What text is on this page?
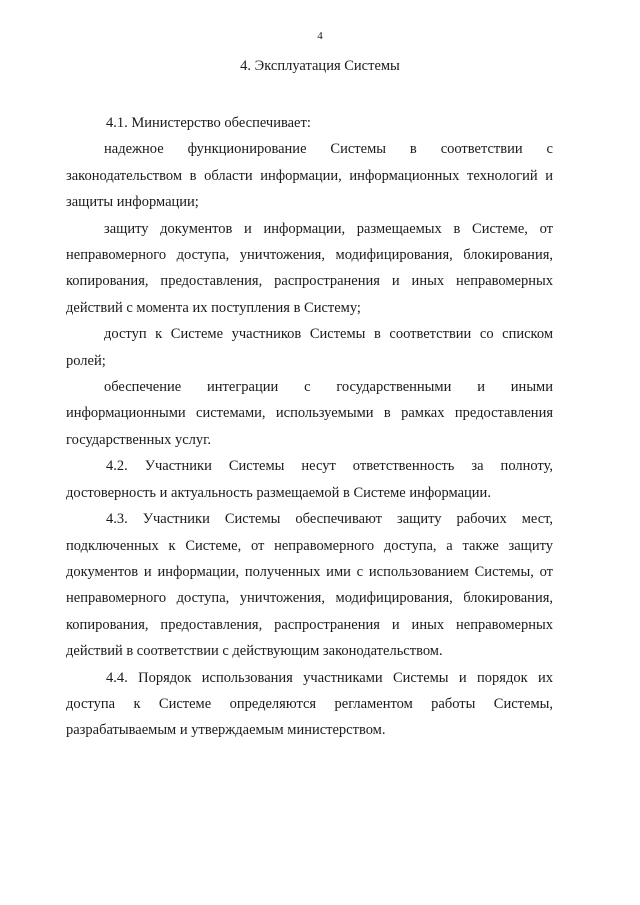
4
4. Эксплуатация Системы

4.1. Министерство обеспечивает:

надежное функционирование Системы в соответствии с законодательством в области информации, информационных технологий и защиты информации;

защиту документов и информации, размещаемых в Системе, от неправомерного доступа, уничтожения, модифицирования, блокирования, копирования, предоставления, распространения и иных неправомерных действий с момента их поступления в Систему;

доступ к Системе участников Системы в соответствии со списком ролей;

обеспечение интеграции с государственными и иными информационными системами, используемыми в рамках предоставления государственных услуг.

4.2. Участники Системы несут ответственность за полноту, достоверность и актуальность размещаемой в Системе информации.

4.3. Участники Системы обеспечивают защиту рабочих мест, подключенных к Системе, от неправомерного доступа, а также защиту документов и информации, полученных ими с использованием Системы, от неправомерного доступа, уничтожения, модифицирования, блокирования, копирования, предоставления, распространения и иных неправомерных действий в соответствии с действующим законодательством.

4.4. Порядок использования участниками Системы и порядок их доступа к Системе определяются регламентом работы Системы, разрабатываемым и утверждаемым министерством.
